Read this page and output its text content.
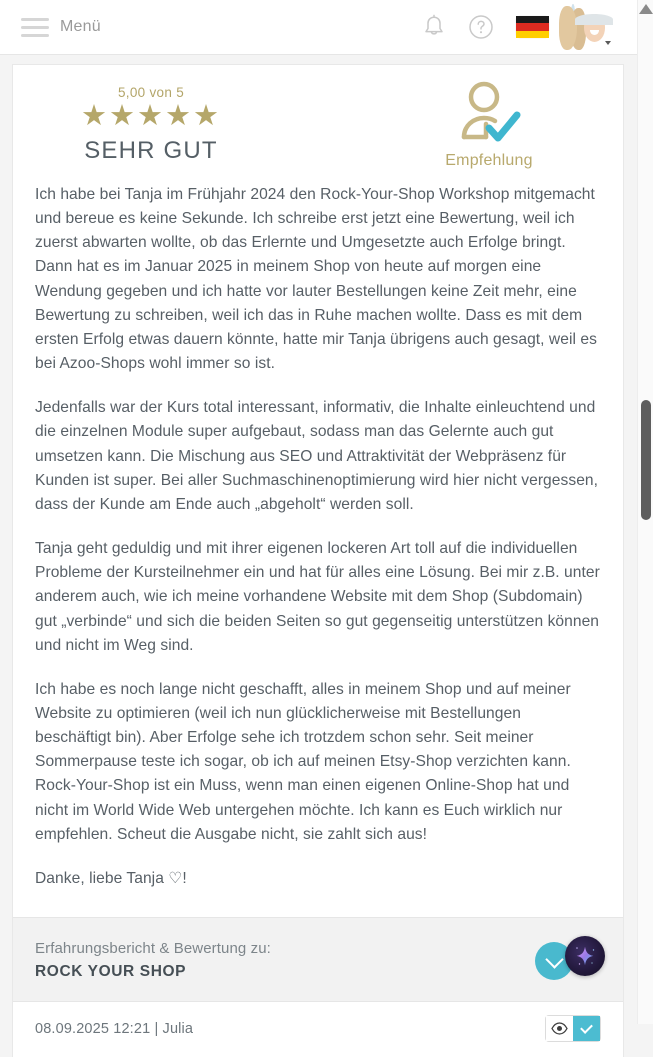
Menü
5,00 von 5
★★★★★
SEHR GUT	Empfehlung

Ich habe bei Tanja im Frühjahr 2024 den Rock-Your-Shop Workshop mitgemacht und bereue es keine Sekunde. Ich schreibe erst jetzt eine Bewertung, weil ich zuerst abwarten wollte, ob das Erlernte und Umgesetzte auch Erfolge bringt. Dann hat es im Januar 2025 in meinem Shop von heute auf morgen eine Wendung gegeben und ich hatte vor lauter Bestellungen keine Zeit mehr, eine Bewertung zu schreiben, weil ich das in Ruhe machen wollte. Dass es mit dem ersten Erfolg etwas dauern könnte, hatte mir Tanja übrigens auch gesagt, weil es bei Azoo-Shops wohl immer so ist.

Jedenfalls war der Kurs total interessant, informativ, die Inhalte einleuchtend und die einzelnen Module super aufgebaut, sodass man das Gelernte auch gut umsetzen kann. Die Mischung aus SEO und Attraktivität der Webpräsenz für Kunden ist super. Bei aller Suchmaschinenoptimierung wird hier nicht vergessen, dass der Kunde am Ende auch „abgeholt“ werden soll.

Tanja geht geduldig und mit ihrer eigenen lockeren Art toll auf die individuellen Probleme der Kursteilnehmer ein und hat für alles eine Lösung. Bei mir z.B. unter anderem auch, wie ich meine vorhandene Website mit dem Shop (Subdomain) gut „verbinde“ und sich die beiden Seiten so gut gegenseitig unterstützen können und nicht im Weg sind.

Ich habe es noch lange nicht geschafft, alles in meinem Shop und auf meiner Website zu optimieren (weil ich nun glücklicherweise mit Bestellungen beschäftigt bin). Aber Erfolge sehe ich trotzdem schon sehr. Seit meiner Sommerpause teste ich sogar, ob ich auf meinen Etsy-Shop verzichten kann. Rock-Your-Shop ist ein Muss, wenn man einen eigenen Online-Shop hat und nicht im World Wide Web untergehen möchte. Ich kann es Euch wirklich nur empfehlen. Scheut die Ausgabe nicht, sie zahlt sich aus!

Danke, liebe Tanja ♡!

Erfahrungsbericht & Bewertung zu:
ROCK YOUR SHOP
08.09.2025 12:21 | Julia
